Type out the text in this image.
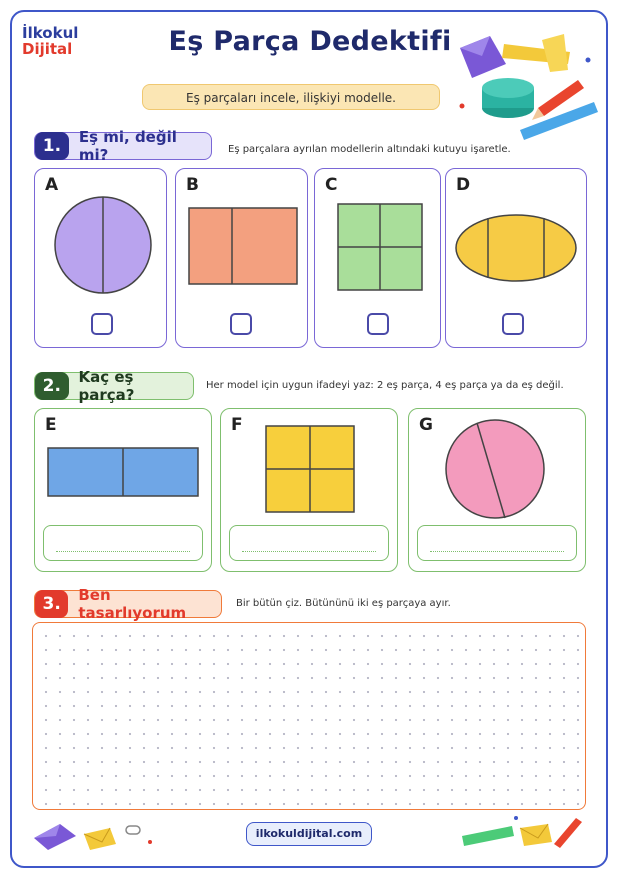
İlkokul
Dijital	Eş Parça Dedektifi
Eş parçaları incele, ilişkiyi modelle.
1.	Eş mi, değil mi?	Eş parçalara ayrılan modellerin altındaki kutuyu işaretle.
A	B	C	D
2.	Kaç eş parça?
Her model için uygun ifadeyi yaz: 2 eş parça, 4 eş parça ya da eş değil.
E	F	G
3.	Ben tasarlıyorum
Bir bütün çiz. Bütününü iki eş parçaya ayır.
ilkokuldijital.com
